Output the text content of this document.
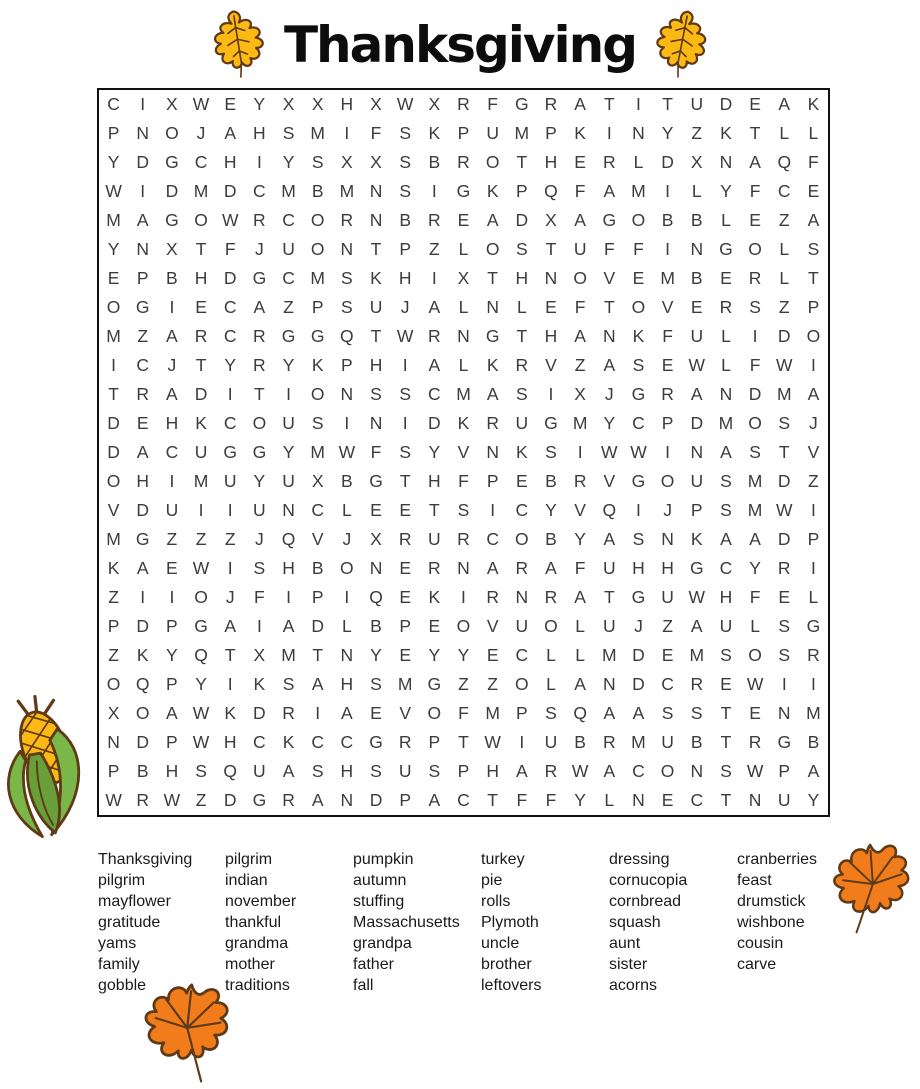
Thanksgiving
C	I	X W E Y X X H X W X R F G R A	T	I	T	U D E A K
P N O	J	A H S M	I	F	S K P U M P K	I	N Y	Z	K	T	L	L
Y D G C H	I	Y S X X S B R O T H E R	L	D X N A Q F
W	I	D M D C M B M N S	I	G K P Q F	A M	I	L	Y	F C E
M A G O W R C O R N B R E A D X A G O B B	L	E	Z	A
Y N X	T	F	J	U O N T	P	Z	L O S	T	U F	F	I	N G O L	S
E P B H D G C M S K H	I	X	T H N O V E M B E R	L	T
O G	I	E C A	Z	P S U	J	A	L	N	L	E	F	T O V E R S	Z	P
M Z	A R C R G G Q T W R N G T H A N K	F	U	L	I	D O
I	C	J	T	Y R Y K P H	I	A	L	K R V	Z	A S E W L	F W	I
T R A D	I	T	I	O N S S C M A S	I	X	J	G R A N D M A
D E H K C O U S	I	N	I	D K R U G M Y C P D M O S	J
D A C U G G Y M W F	S Y V N K S	I	W W	I	N A S	T	V
O H	I	M U Y U X B G T H	F	P E B R V G O U S M D Z
V D U	I	I	U N C	L	E E	T	S	I	C Y V Q	I	J	P S M W	I
M G Z	Z	Z	J	Q V	J	X R U R C O B Y A S N K A A D P
K A E W	I	S H B O N E R N A R A	F U H H G C Y R	I
Z	I	I	O	J	F	I	P	I	Q E K	I	R N R A	T G U W H F	E	L
P D P G A	I	A D	L	B P E O V U O L	U	J	Z	A U	L	S G
Z	K Y Q T	X M T	N Y E Y Y E C	L	L M D E M S O S R
O Q P Y	I	K S A H S M G Z	Z O L	A N D C R E W	I	I
X O A W K D R	I	A E V O F M P S Q A A S S	T	E N M
N D P W H C K C C G R P	T W	I	U B R M U B	T R G B
P B H S Q U A S H S U S P H A R W A C O N S W P A
W R W Z	D G R A N D P A C T	F	F	Y	L	N E C T N U Y
Thanksgiving
pilgrim
mayflower
gratitude
yams
family
gobble
pilgrim
indian
november
thankful
grandma
mother
traditions
pumpkin
autumn
stuffing
Massachusetts
grandpa
father
fall
turkey
pie
rolls
Plymoth
uncle
brother
leftovers
dressing
cornucopia
cornbread
squash
aunt
sister
acorns
cranberries
feast
drumstick
wishbone
cousin
carve
